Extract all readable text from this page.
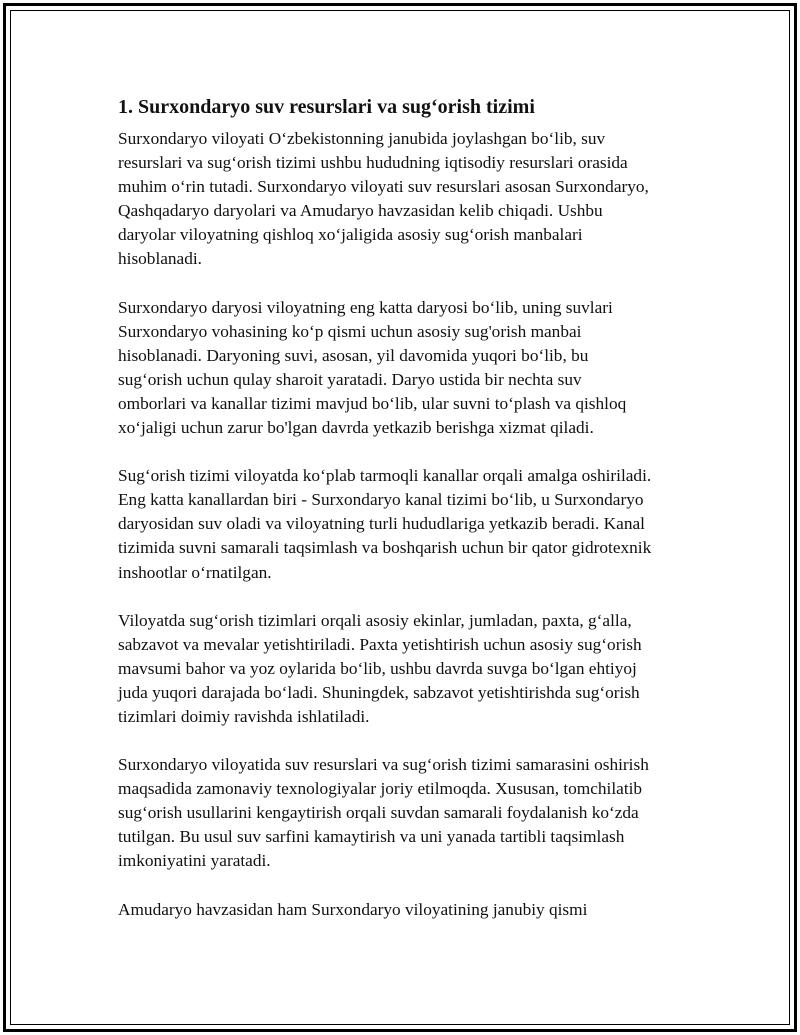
1. Surxondaryo suv resurslari va sug‘orish tizimi

Surxondaryo viloyati O‘zbekistonning janubida joylashgan bo‘lib, suv
resurslari va sug‘orish tizimi ushbu hududning iqtisodiy resurslari orasida
muhim o‘rin tutadi. Surxondaryo viloyati suv resurslari asosan Surxondaryo,
Qashqadaryo daryolari va Amudaryo havzasidan kelib chiqadi. Ushbu
daryolar viloyatning qishloq xo‘jaligida asosiy sug‘orish manbalari
hisoblanadi.

Surxondaryo daryosi viloyatning eng katta daryosi bo‘lib, uning suvlari
Surxondaryo vohasining ko‘p qismi uchun asosiy sug'orish manbai
hisoblanadi. Daryoning suvi, asosan, yil davomida yuqori bo‘lib, bu
sug‘orish uchun qulay sharoit yaratadi. Daryo ustida bir nechta suv
omborlari va kanallar tizimi mavjud bo‘lib, ular suvni to‘plash va qishloq
xo‘jaligi uchun zarur bo'lgan davrda yetkazib berishga xizmat qiladi.

Sug‘orish tizimi viloyatda ko‘plab tarmoqli kanallar orqali amalga oshiriladi.
Eng katta kanallardan biri - Surxondaryo kanal tizimi bo‘lib, u Surxondaryo
daryosidan suv oladi va viloyatning turli hududlariga yetkazib beradi. Kanal
tizimida suvni samarali taqsimlash va boshqarish uchun bir qator gidrotexnik
inshootlar o‘rnatilgan.

Viloyatda sug‘orish tizimlari orqali asosiy ekinlar, jumladan, paxta, g‘alla,
sabzavot va mevalar yetishtiriladi. Paxta yetishtirish uchun asosiy sug‘orish
mavsumi bahor va yoz oylarida bo‘lib, ushbu davrda suvga bo‘lgan ehtiyoj
juda yuqori darajada bo‘ladi. Shuningdek, sabzavot yetishtirishda sug‘orish
tizimlari doimiy ravishda ishlatiladi.

Surxondaryo viloyatida suv resurslari va sug‘orish tizimi samarasini oshirish
maqsadida zamonaviy texnologiyalar joriy etilmoqda. Xususan, tomchilatib
sug‘orish usullarini kengaytirish orqali suvdan samarali foydalanish ko‘zda
tutilgan. Bu usul suv sarfini kamaytirish va uni yanada tartibli taqsimlash
imkoniyatini yaratadi.

Amudaryo havzasidan ham Surxondaryo viloyatining janubiy qismi
